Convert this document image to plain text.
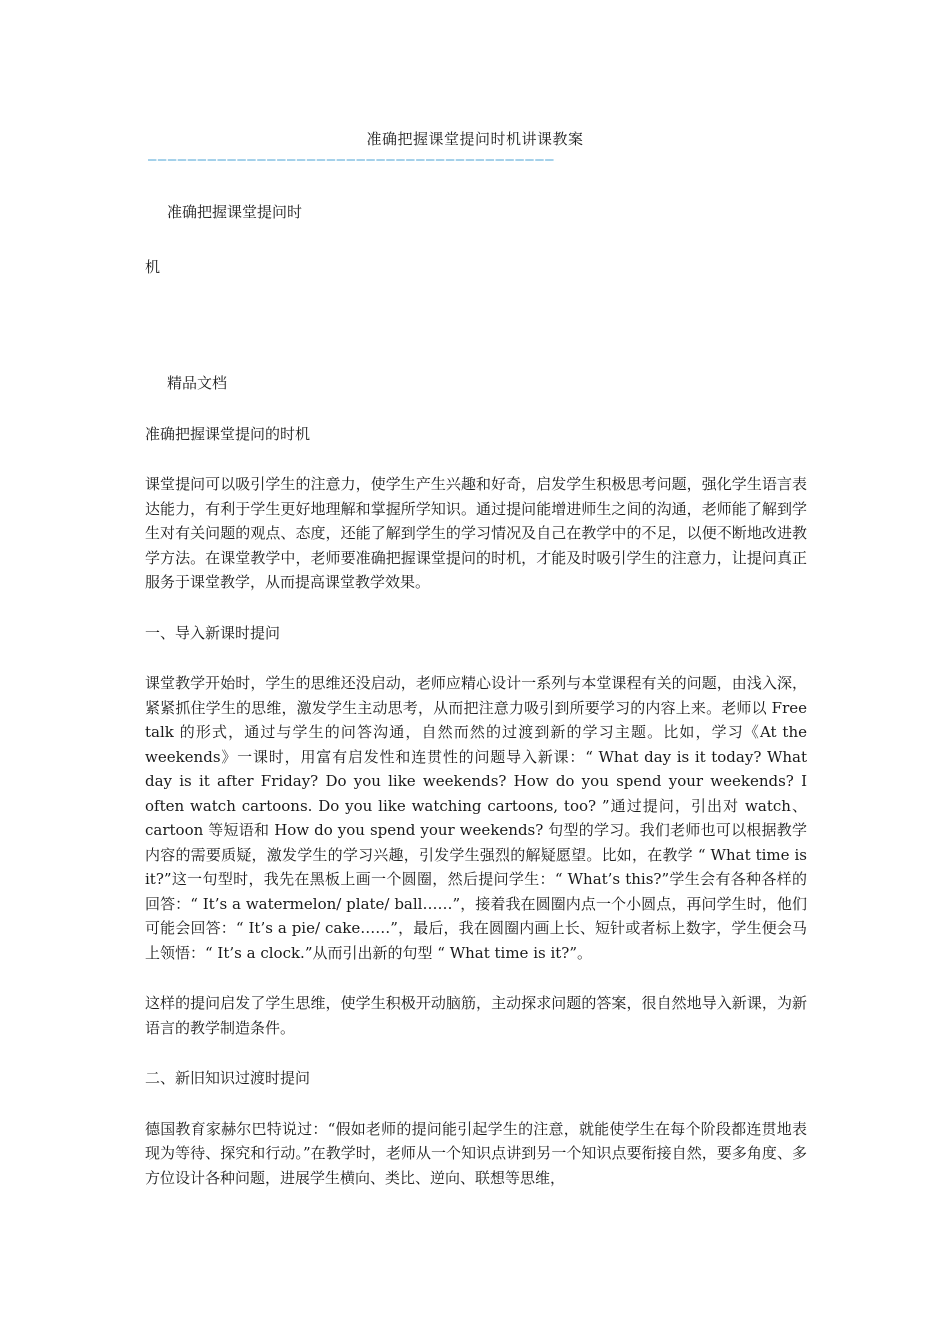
准确把握课堂提问时机讲课教案
—————————————————————————————————————————

准确把握课堂提问时

机

精品文档

准确把握课堂提问的时机

课堂提问可以吸引学生的注意力，使学生产生兴趣和好奇，启发学生积极思考问题，强化学生语言表达能力，有利于学生更好地理解和掌握所学知识。通过提问能增进师生之间的沟通，老师能了解到学生对有关问题的观点、态度，还能了解到学生的学习情况及自己在教学中的不足，以便不断地改进教学方法。在课堂教学中，老师要准确把握课堂提问的时机，才能及时吸引学生的注意力，让提问真正服务于课堂教学，从而提高课堂教学效果。

一、导入新课时提问

课堂教学开始时，学生的思维还没启动，老师应精心设计一系列与本堂课程有关的问题，由浅入深，紧紧抓住学生的思维，激发学生主动思考，从而把注意力吸引到所要学习的内容上来。老师以 Free talk 的形式，通过与学生的问答沟通，自然而然的过渡到新的学习主题。比如，学习《At the weekends》一课时，用富有启发性和连贯性的问题导入新课：“ What day is it today? What day is it after Friday? Do you like weekends? How do you spend your weekends? I often watch cartoons. Do you like watching cartoons, too? ”通过提问，引出对 watch、 cartoon 等短语和 How do you spend your weekends? 句型的学习。我们老师也可以根据教学内容的需要质疑，激发学生的学习兴趣，引发学生强烈的解疑愿望。比如，在教学 “ What time is it?”这一句型时，我先在黑板上画一个圆圈，然后提问学生：“ What’s this?”学生会有各种各样的回答：“ It’s a watermelon/ plate/ ball……”，接着我在圆圈内点一个小圆点，再问学生时，他们可能会回答：“ It’s a pie/ cake……”，最后，我在圆圈内画上长、短针或者标上数字，学生便会马上领悟：“ It’s a clock.”从而引出新的句型 “ What time is it?”。

这样的提问启发了学生思维，使学生积极开动脑筋，主动探求问题的答案，很自然地导入新课，为新语言的教学制造条件。

二、新旧知识过渡时提问

德国教育家赫尔巴特说过：“假如老师的提问能引起学生的注意，就能使学生在每个阶段都连贯地表现为等待、探究和行动。”在教学时，老师从一个知识点讲到另一个知识点要衔接自然，要多角度、多方位设计各种问题，进展学生横向、类比、逆向、联想等思维，
